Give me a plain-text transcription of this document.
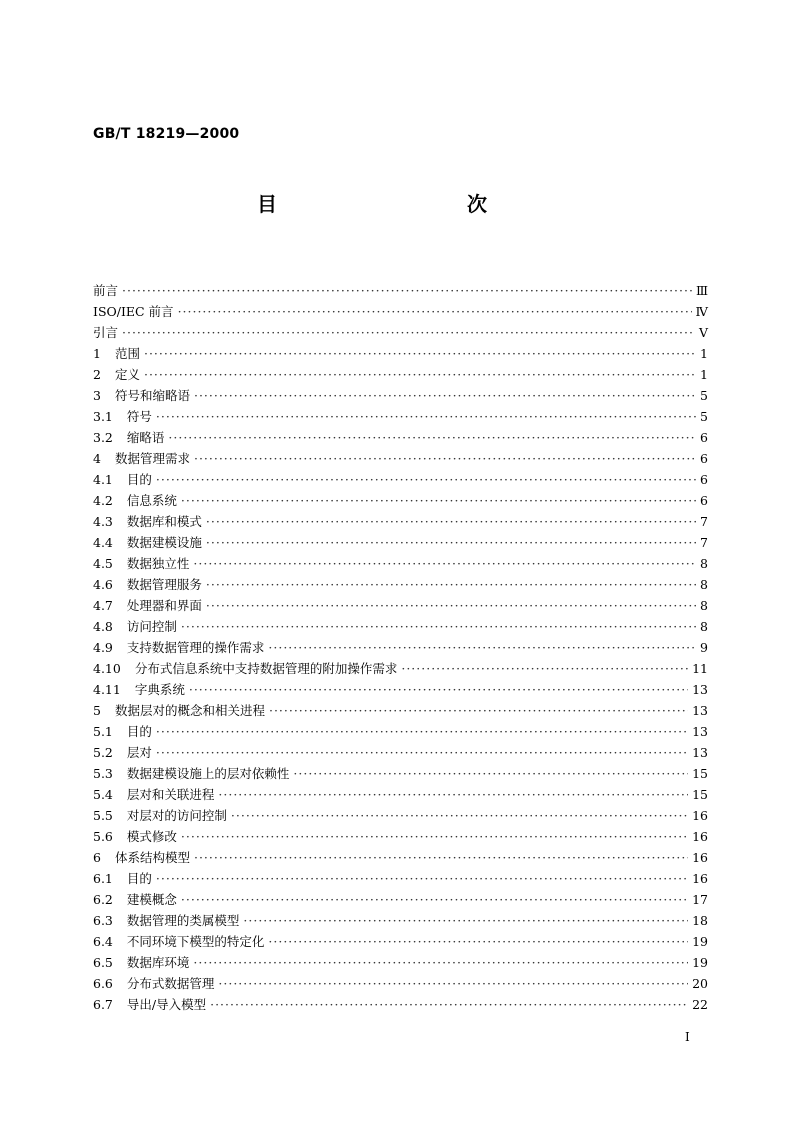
GB/T 18219—2000
目　　次
前言 ·····	Ⅲ
ISO/IEC 前言 ·····	Ⅳ
引言 ·····	Ⅴ
1	范围 ·····	1
2	定义 ·····	1
3	符号和缩略语 ·····	5
3.1	符号 ·····	5
3.2	缩略语 ·····	6
4	数据管理需求 ·····	6
4.1	目的 ·····	6
4.2	信息系统 ·····	6
4.3	数据库和模式 ·····	7
4.4	数据建模设施 ·····	7
4.5	数据独立性 ·····	8
4.6	数据管理服务 ·····	8
4.7	处理器和界面 ·····	8
4.8	访问控制 ·····	8
4.9	支持数据管理的操作需求 ·····	9
4.10	分布式信息系统中支持数据管理的附加操作需求 ·····	11
4.11	字典系统 ·····	13
5	数据层对的概念和相关进程 ·····	13
5.1	目的 ·····	13
5.2	层对 ·····	13
5.3	数据建模设施上的层对依赖性 ·····	15
5.4	层对和关联进程 ·····	15
5.5	对层对的访问控制 ·····	16
5.6	模式修改 ·····	16
6	体系结构模型 ·····	16
6.1	目的 ·····	16
6.2	建模概念 ·····	17
6.3	数据管理的类属模型 ·····	18
6.4	不同环境下模型的特定化 ·····	19
6.5	数据库环境 ·····	19
6.6	分布式数据管理 ·····	20
6.7	导出/导入模型 ·····	22
I
